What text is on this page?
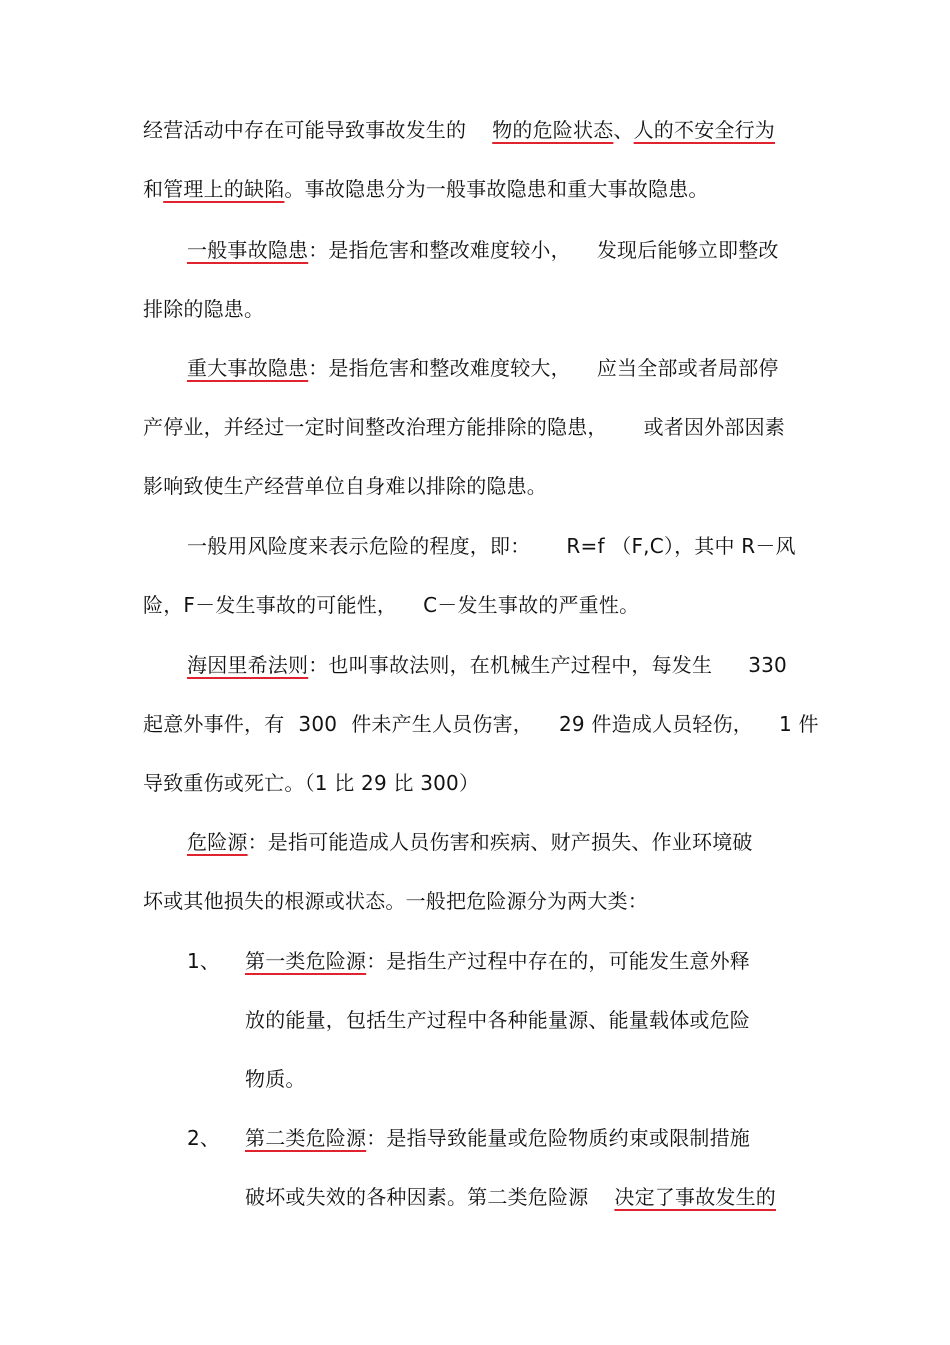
经营活动中存在可能导致事故发生的 物的危险状态、人的不安全行为
和管理上的缺陷。事故隐患分为一般事故隐患和重大事故隐患。
一般事故隐患：是指危害和整改难度较小， 发现后能够立即整改
排除的隐患。
重大事故隐患：是指危害和整改难度较大， 应当全部或者局部停
产停业，并经过一定时间整改治理方能排除的隐患， 或者因外部因素
影响致使生产经营单位自身难以排除的隐患。
一般用风险度来表示危险的程度，即： R=f （F,C），其中 R－风
险，F－发生事故的可能性， C－发生事故的严重性。
海因里希法则：也叫事故法则，在机械生产过程中，每发生 330
起意外事件，有 300 件未产生人员伤害， 29 件造成人员轻伤， 1 件
导致重伤或死亡。（1 比 29 比 300）
危险源：是指可能造成人员伤害和疾病、财产损失、作业环境破
坏或其他损失的根源或状态。一般把危险源分为两大类：
1、 第一类危险源：是指生产过程中存在的，可能发生意外释
放的能量，包括生产过程中各种能量源、能量载体或危险
物质。
2、 第二类危险源：是指导致能量或危险物质约束或限制措施
破坏或失效的各种因素。第二类危险源 决定了事故发生的
